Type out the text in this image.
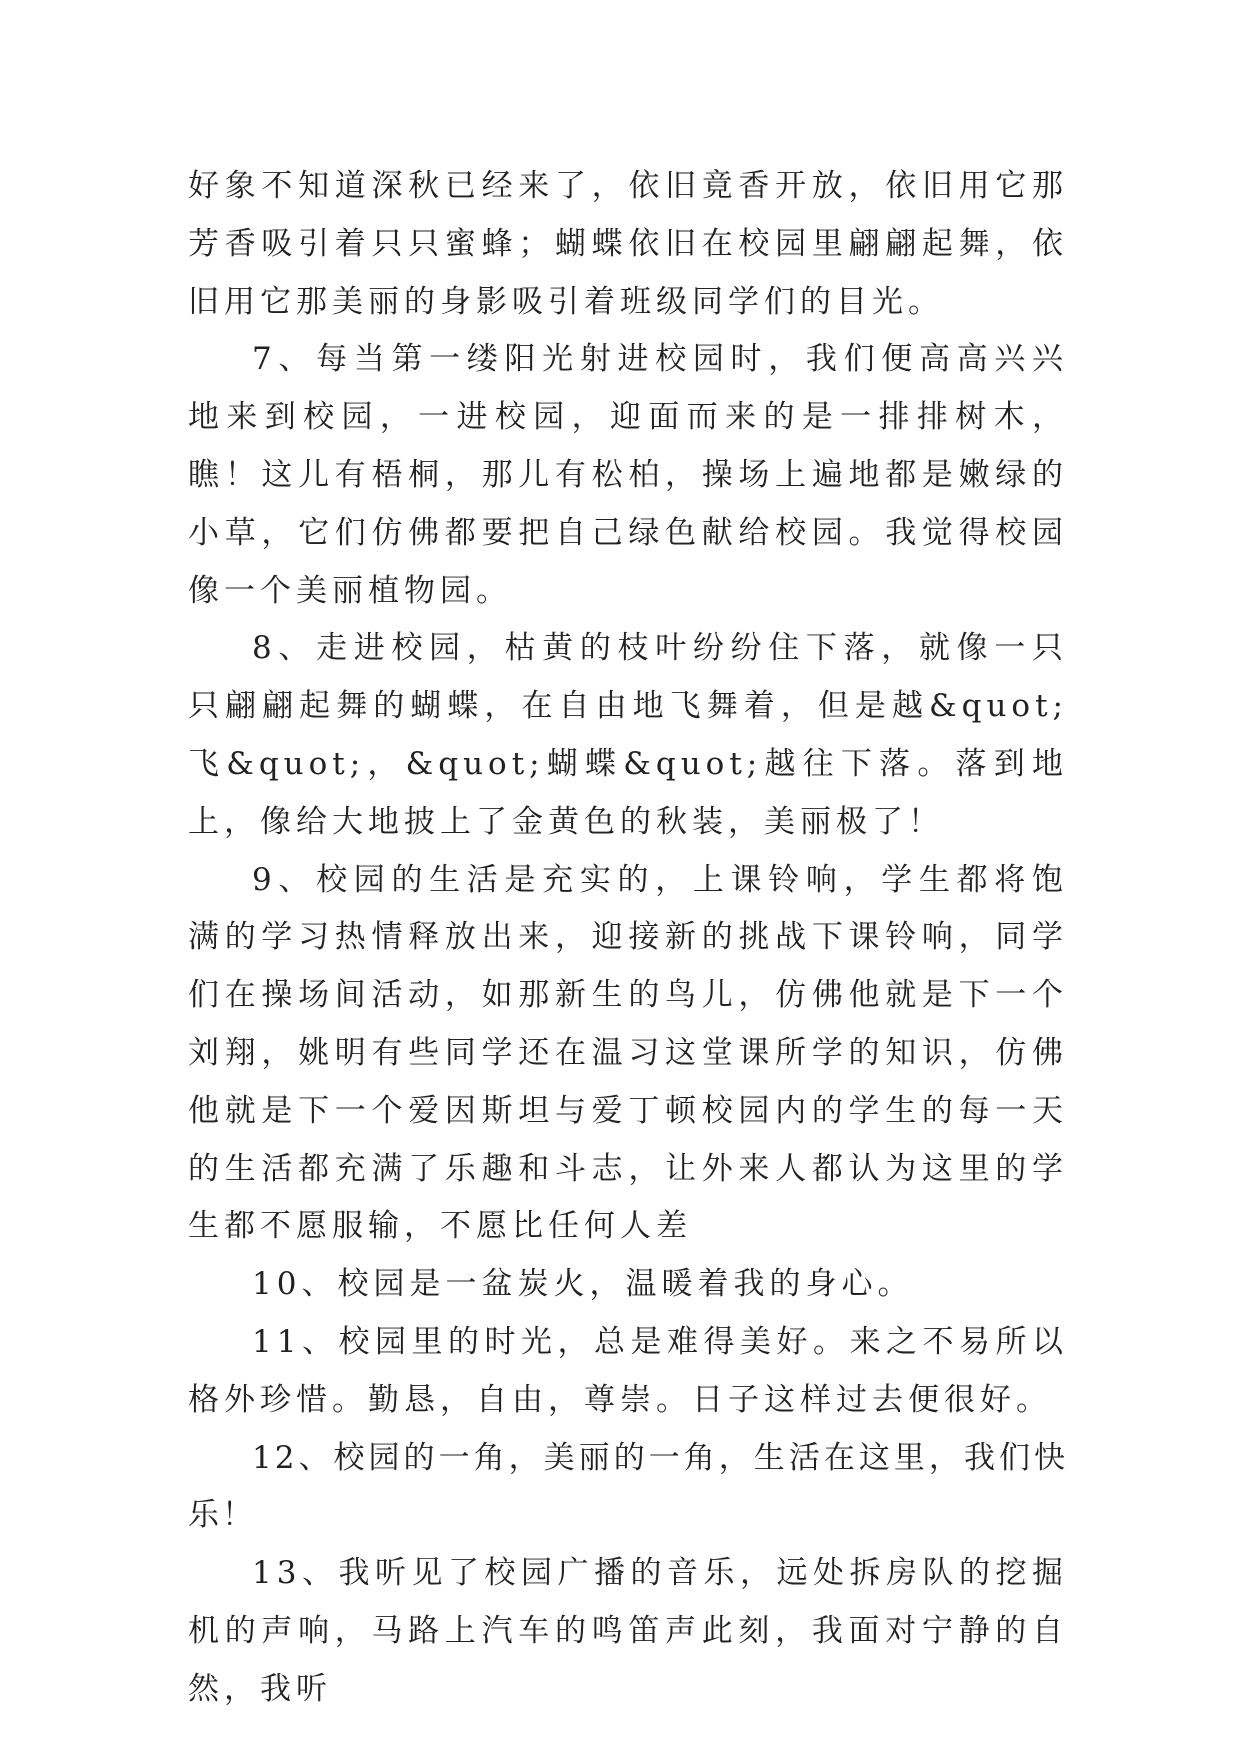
好象不知道深秋已经来了，依旧竟香开放，依旧用它那芳香吸引着只只蜜蜂；蝴蝶依旧在校园里翩翩起舞，依旧用它那美丽的身影吸引着班级同学们的目光。

7、每当第一缕阳光射进校园时，我们便高高兴兴地来到校园，一进校园，迎面而来的是一排排树木，瞧！这儿有梧桐，那儿有松柏，操场上遍地都是嫩绿的小草，它们仿佛都要把自己绿色献给校园。我觉得校园像一个美丽植物园。

8、走进校园，枯黄的枝叶纷纷住下落，就像一只只翩翩起舞的蝴蝶，在自由地飞舞着，但是越&quot;飞&quot;，&quot;蝴蝶&quot;越往下落。落到地上，像给大地披上了金黄色的秋装，美丽极了！

9、校园的生活是充实的，上课铃响，学生都将饱满的学习热情释放出来，迎接新的挑战下课铃响，同学们在操场间活动，如那新生的鸟儿，仿佛他就是下一个刘翔，姚明有些同学还在温习这堂课所学的知识，仿佛他就是下一个爱因斯坦与爱丁顿校园内的学生的每一天的生活都充满了乐趣和斗志，让外来人都认为这里的学生都不愿服输，不愿比任何人差

10、校园是一盆炭火，温暖着我的身心。

11、校园里的时光，总是难得美好。来之不易所以格外珍惜。勤恳，自由，尊崇。日子这样过去便很好。

12、校园的一角，美丽的一角，生活在这里，我们快乐！

13、我听见了校园广播的音乐，远处拆房队的挖掘机的声响，马路上汽车的鸣笛声此刻，我面对宁静的自然，我听
